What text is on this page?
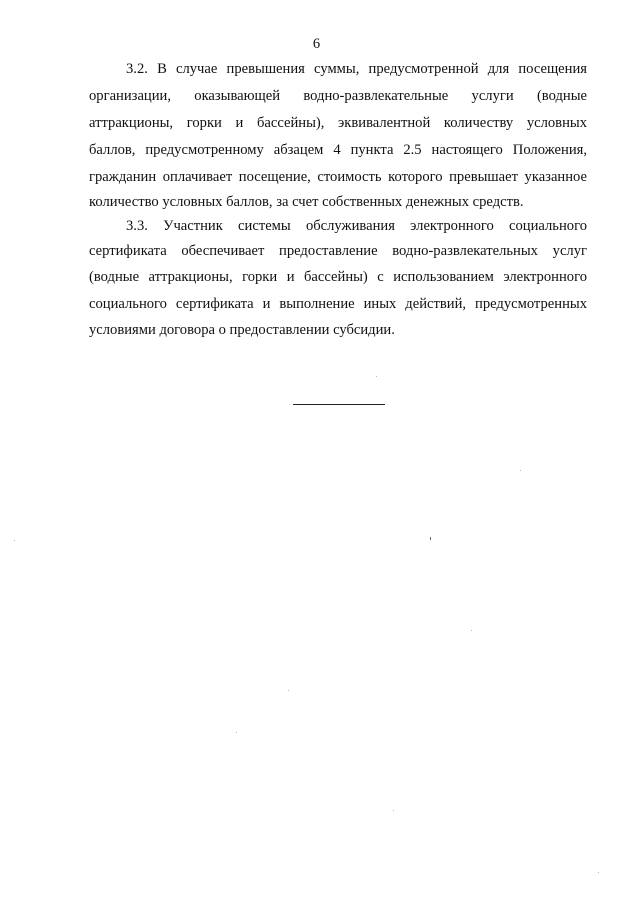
6
3.2. В случае превышения суммы, предусмотренной для посещения
организации, оказывающей водно-развлекательные услуги (водные
аттракционы, горки и бассейны), эквивалентной количеству условных
баллов, предусмотренному абзацем 4 пункта 2.5 настоящего Положения,
гражданин оплачивает посещение, стоимость которого превышает указанное
количество условных баллов, за счет собственных денежных средств.
3.3. Участник системы обслуживания электронного социального
сертификата обеспечивает предоставление водно-развлекательных услуг
(водные аттракционы, горки и бассейны) с использованием электронного
социального сертификата и выполнение иных действий, предусмотренных
условиями договора о предоставлении субсидии.
